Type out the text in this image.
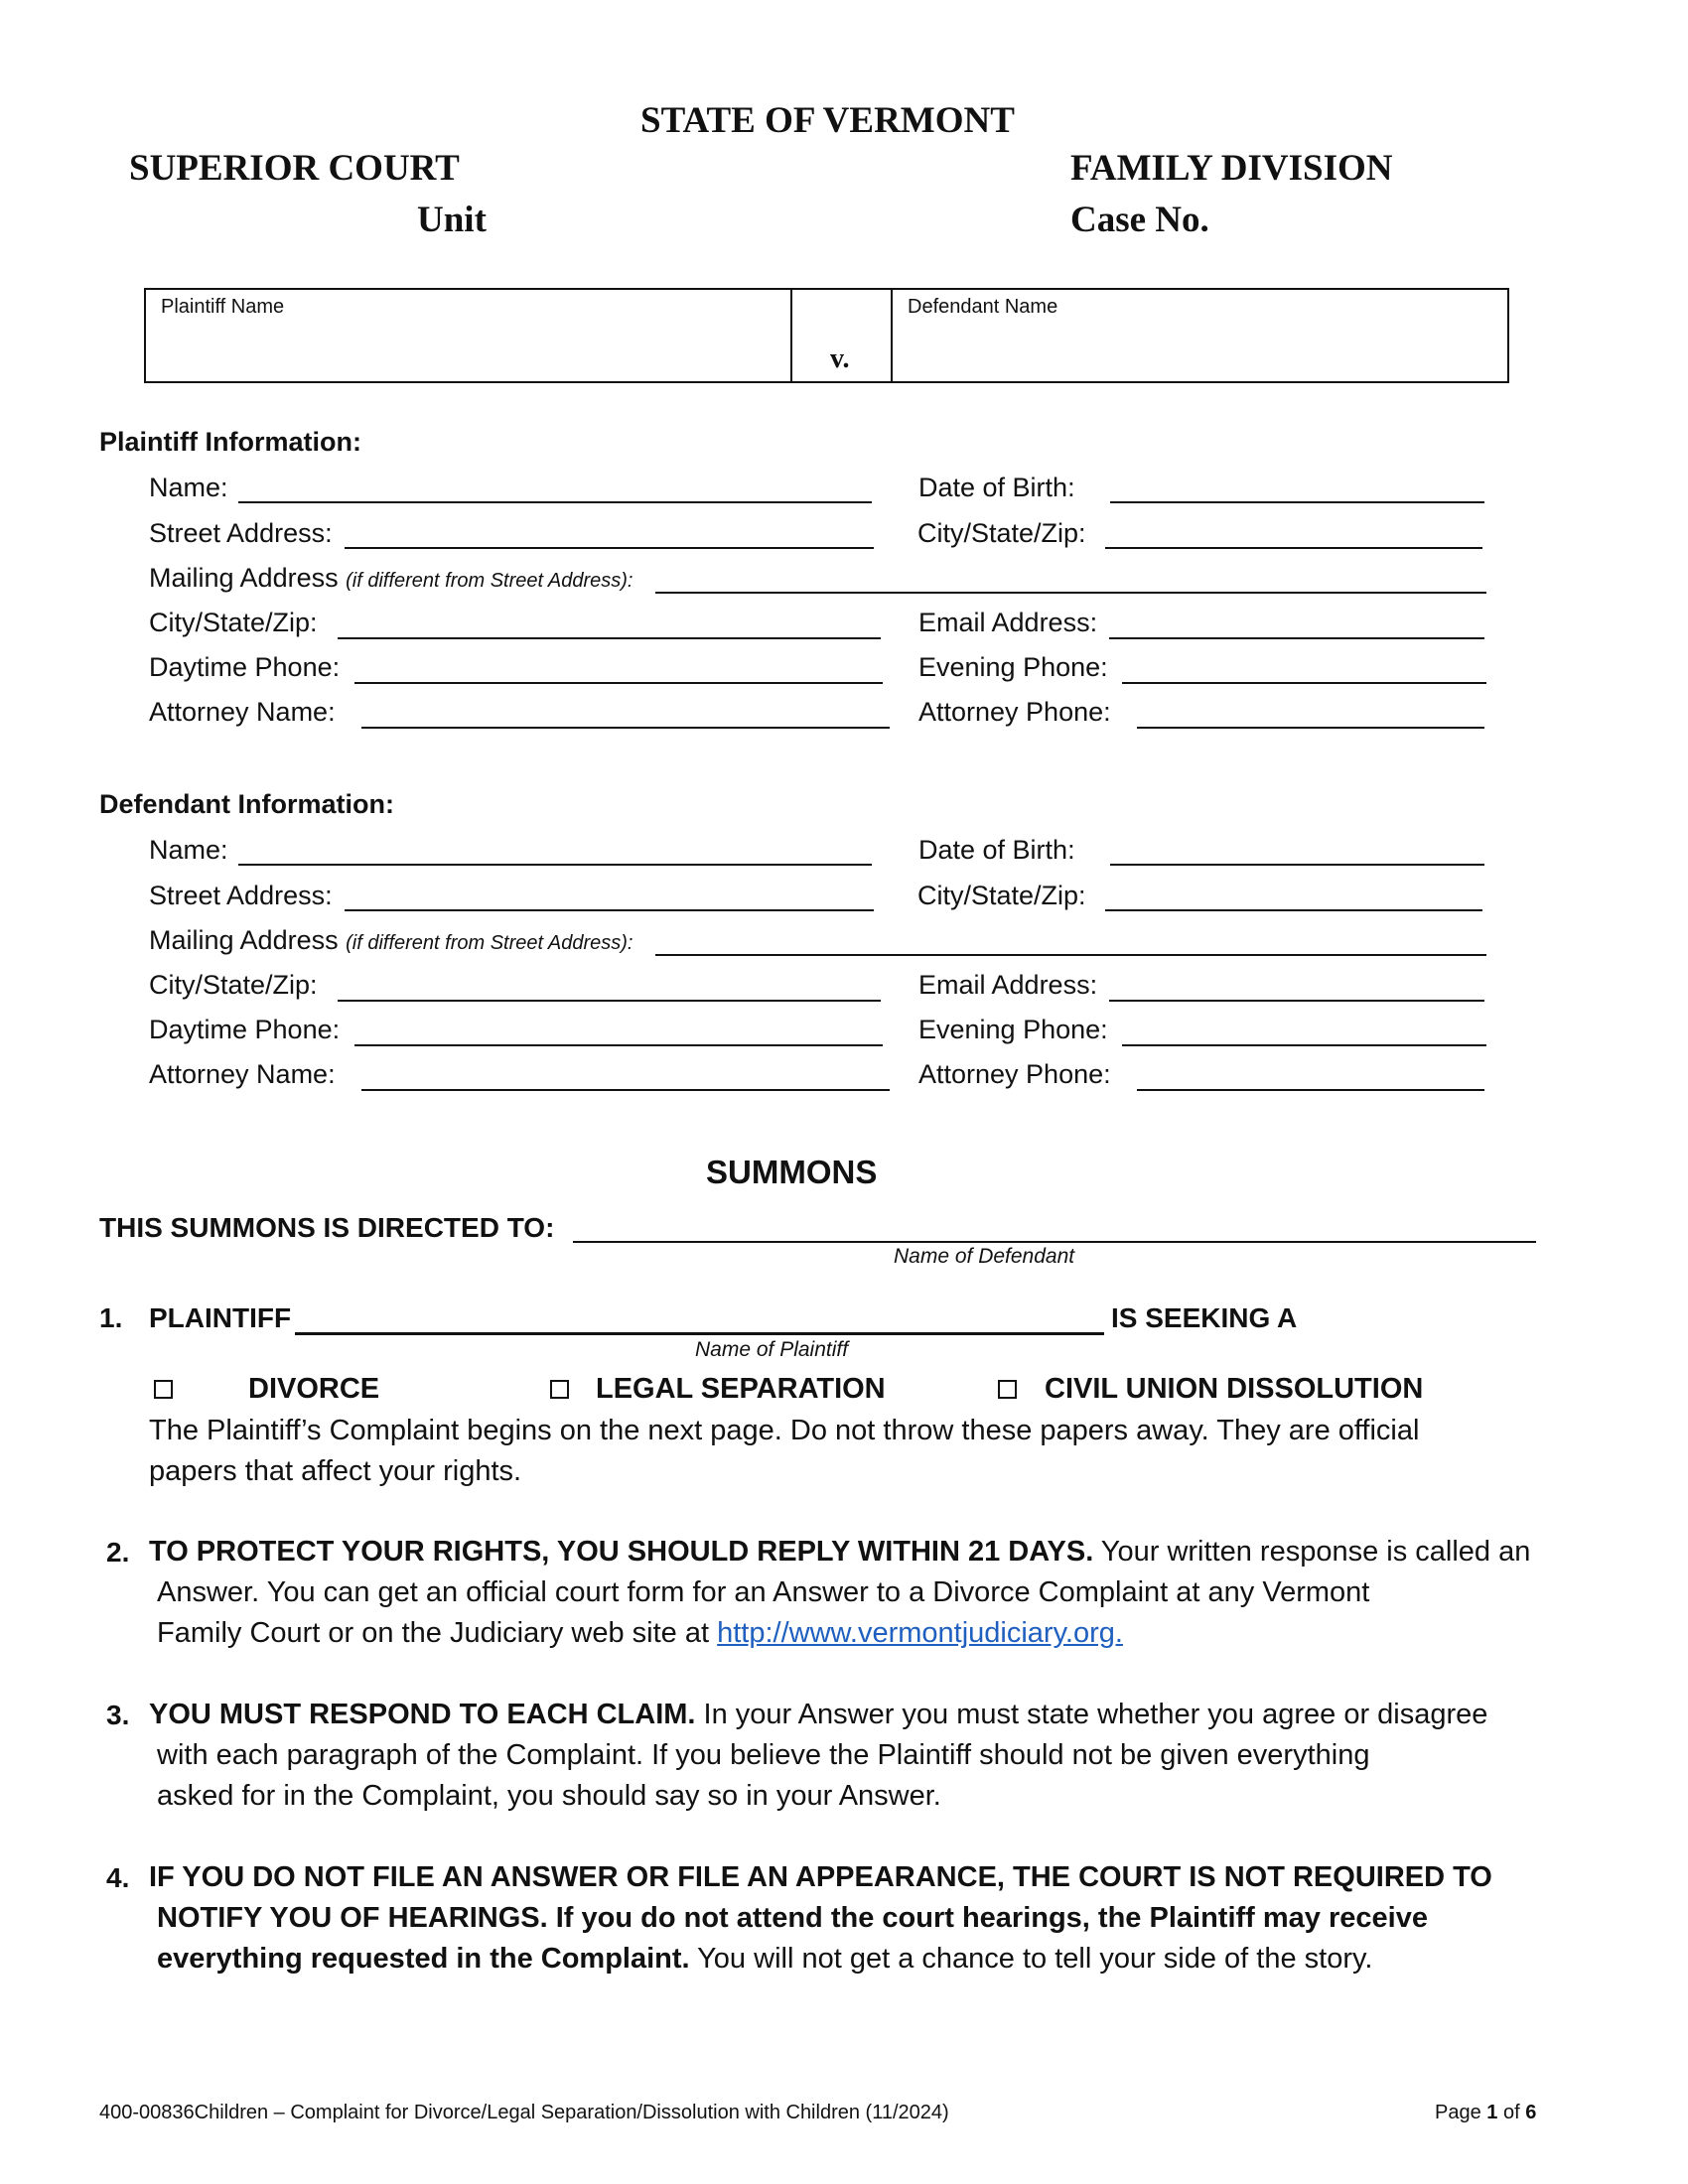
STATE OF VERMONT
SUPERIOR COURT	FAMILY DIVISION
Unit	Case No.
Plaintiff Name
v.
Defendant Name
Plaintiff Information:
Name:	Date of Birth:
Street Address:	City/State/Zip:
Mailing Address (if different from Street Address):
City/State/Zip:	Email Address:
Daytime Phone:	Evening Phone:
Attorney Name:	Attorney Phone:
Defendant Information:
Name:	Date of Birth:
Street Address:	City/State/Zip:
Mailing Address (if different from Street Address):
City/State/Zip:	Email Address:
Daytime Phone:	Evening Phone:
Attorney Name:	Attorney Phone:
SUMMONS
THIS SUMMONS IS DIRECTED TO:
Name of Defendant
1. PLAINTIFF	IS SEEKING A
Name of Plaintiff
DIVORCE	LEGAL SEPARATION	CIVIL UNION DISSOLUTION
The Plaintiff’s Complaint begins on the next page. Do not throw these papers away. They are official
papers that affect your rights.
2. TO PROTECT YOUR RIGHTS, YOU SHOULD REPLY WITHIN 21 DAYS. Your written response is called an
Answer. You can get an official court form for an Answer to a Divorce Complaint at any Vermont
Family Court or on the Judiciary web site at http://www.vermontjudiciary.org.
3. YOU MUST RESPOND TO EACH CLAIM. In your Answer you must state whether you agree or disagree
with each paragraph of the Complaint. If you believe the Plaintiff should not be given everything
asked for in the Complaint, you should say so in your Answer.
4. IF YOU DO NOT FILE AN ANSWER OR FILE AN APPEARANCE, THE COURT IS NOT REQUIRED TO
NOTIFY YOU OF HEARINGS. If you do not attend the court hearings, the Plaintiff may receive
everything requested in the Complaint. You will not get a chance to tell your side of the story.
400-00836Children – Complaint for Divorce/Legal Separation/Dissolution with Children (11/2024)	Page 1 of 6
